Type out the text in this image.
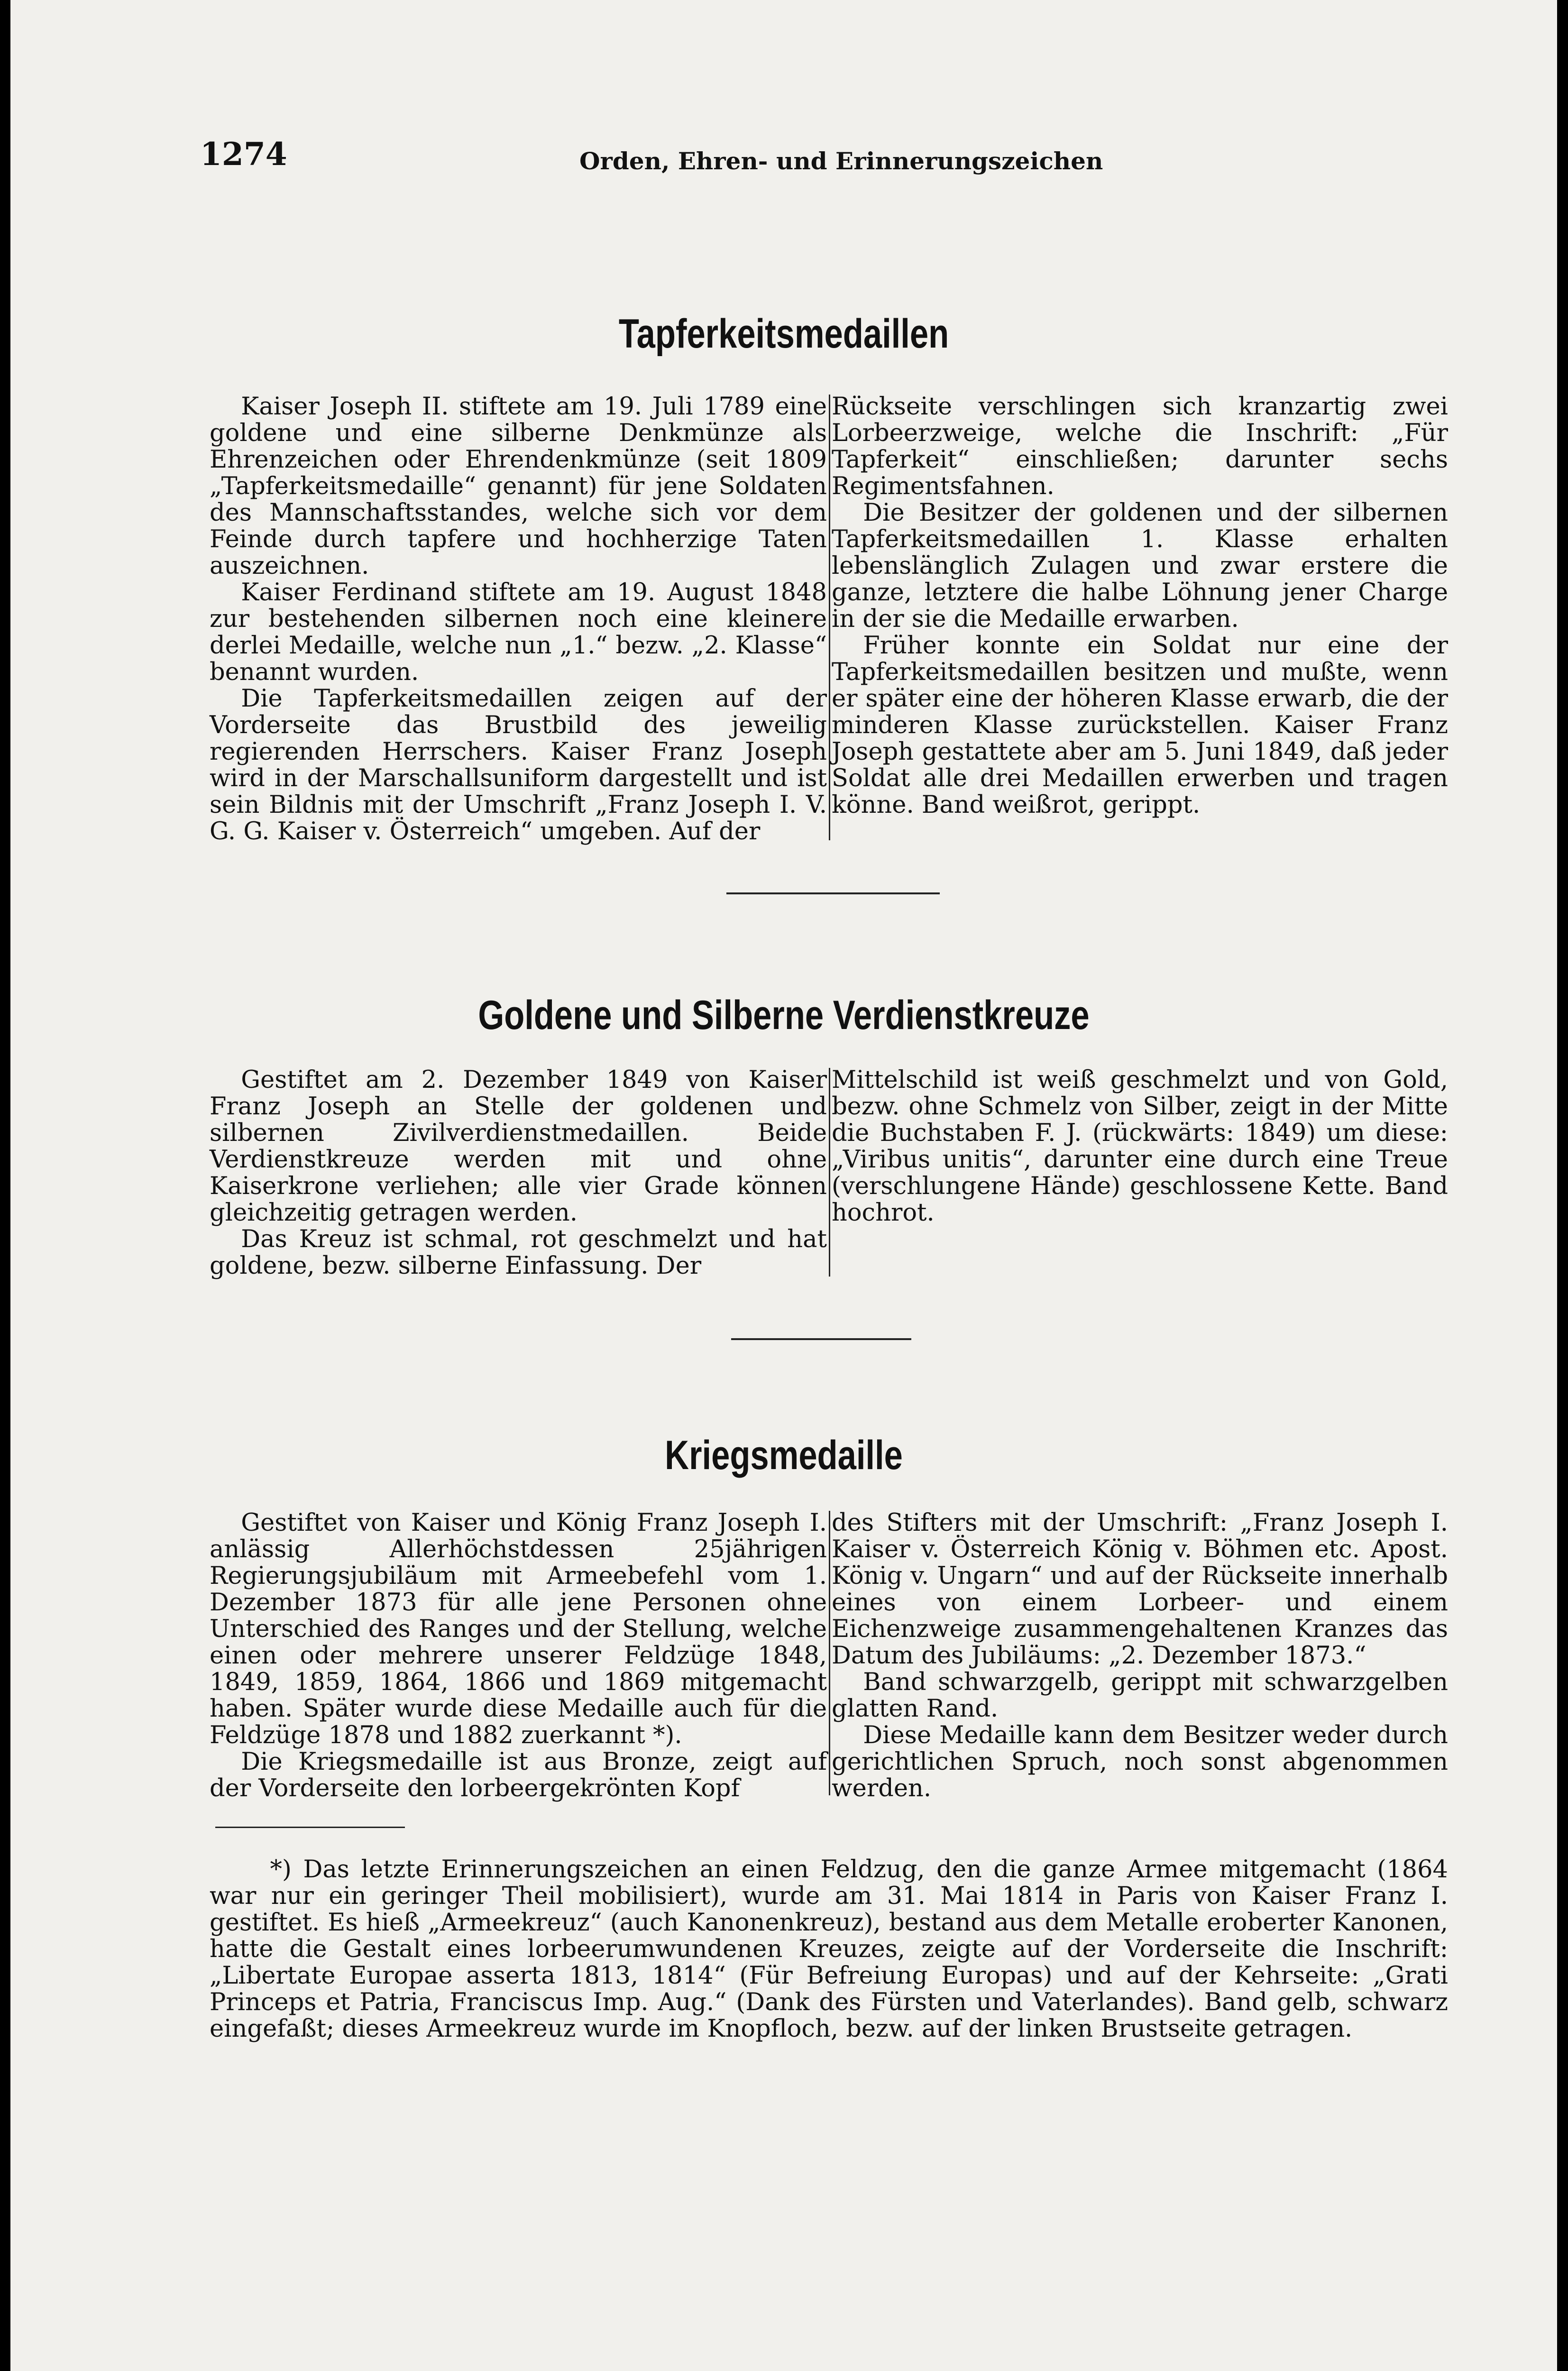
1274	Orden, Ehren- und Erinnerungszeichen
Tapferkeitsmedaillen

Kaiser Joseph II. stiftete am 19. Juli 1789 eine goldene und eine silberne Denkmünze als Ehrenzeichen oder Ehrendenkmünze (seit 1809 „Tapferkeitsmedaille“ genannt) für jene Soldaten des Mannschaftsstandes, welche sich vor dem Feinde durch tapfere und hochherzige Taten auszeichnen.

Kaiser Ferdinand stiftete am 19. August 1848 zur bestehenden silbernen noch eine kleinere derlei Medaille, welche nun „1.“ bezw. „2. Klasse“ benannt wurden.

Die Tapferkeitsmedaillen zeigen auf der Vorderseite das Brustbild des jeweilig regierenden Herrschers. Kaiser Franz Joseph wird in der Marschallsuniform dargestellt und ist sein Bildnis mit der Umschrift „Franz Joseph I. V. G. G. Kaiser v. Österreich“ umgeben. Auf der

Rückseite verschlingen sich kranzartig zwei Lorbeerzweige, welche die Inschrift: „Für Tapferkeit“ einschließen; darunter sechs Regimentsfahnen.

Die Besitzer der goldenen und der silbernen Tapferkeitsmedaillen 1. Klasse erhalten lebenslänglich Zulagen und zwar erstere die ganze, letztere die halbe Löhnung jener Charge in der sie die Medaille erwarben.

Früher konnte ein Soldat nur eine der Tapferkeitsmedaillen besitzen und mußte, wenn er später eine der höheren Klasse erwarb, die der minderen Klasse zurückstellen. Kaiser Franz Joseph gestattete aber am 5. Juni 1849, daß jeder Soldat alle drei Medaillen erwerben und tragen könne. Band weißrot, gerippt.

Goldene und Silberne Verdienstkreuze

Gestiftet am 2. Dezember 1849 von Kaiser Franz Joseph an Stelle der goldenen und silbernen Zivilverdienstmedaillen. Beide Verdienstkreuze werden mit und ohne Kaiserkrone verliehen; alle vier Grade können gleichzeitig getragen werden.

Das Kreuz ist schmal, rot geschmelzt und hat goldene, bezw. silberne Einfassung. Der

Mittelschild ist weiß geschmelzt und von Gold, bezw. ohne Schmelz von Silber, zeigt in der Mitte die Buchstaben F. J. (rückwärts: 1849) um diese: „Viribus unitis“, darunter eine durch eine Treue (verschlungene Hände) geschlossene Kette. Band hochrot.

Kriegsmedaille

Gestiftet von Kaiser und König Franz Joseph I. anlässig Allerhöchstdessen 25jährigen Regierungsjubiläum mit Armeebefehl vom 1. Dezember 1873 für alle jene Personen ohne Unterschied des Ranges und der Stellung, welche einen oder mehrere unserer Feldzüge 1848, 1849, 1859, 1864, 1866 und 1869 mitgemacht haben. Später wurde diese Medaille auch für die Feldzüge 1878 und 1882 zuerkannt *).

Die Kriegsmedaille ist aus Bronze, zeigt auf der Vorderseite den lorbeergekrönten Kopf

des Stifters mit der Umschrift: „Franz Joseph I. Kaiser v. Österreich König v. Böhmen etc. Apost. König v. Ungarn“ und auf der Rückseite innerhalb eines von einem Lorbeer- und einem Eichenzweige zusammengehaltenen Kranzes das Datum des Jubiläums: „2. Dezember 1873.“

Band schwarzgelb, gerippt mit schwarzgelben glatten Rand.

Diese Medaille kann dem Besitzer weder durch gerichtlichen Spruch, noch sonst abgenommen werden.

*) Das letzte Erinnerungszeichen an einen Feldzug, den die ganze Armee mitgemacht (1864 war nur ein geringer Theil mobilisiert), wurde am 31. Mai 1814 in Paris von Kaiser Franz I. gestiftet. Es hieß „Armeekreuz“ (auch Kanonenkreuz), bestand aus dem Metalle eroberter Kanonen, hatte die Gestalt eines lorbeerumwundenen Kreuzes, zeigte auf der Vorderseite die Inschrift: „Libertate Europae asserta 1813, 1814“ (Für Befreiung Europas) und auf der Kehrseite: „Grati Princeps et Patria, Franciscus Imp. Aug.“ (Dank des Fürsten und Vaterlandes). Band gelb, schwarz eingefaßt; dieses Armeekreuz wurde im Knopfloch, bezw. auf der linken Brustseite getragen.
